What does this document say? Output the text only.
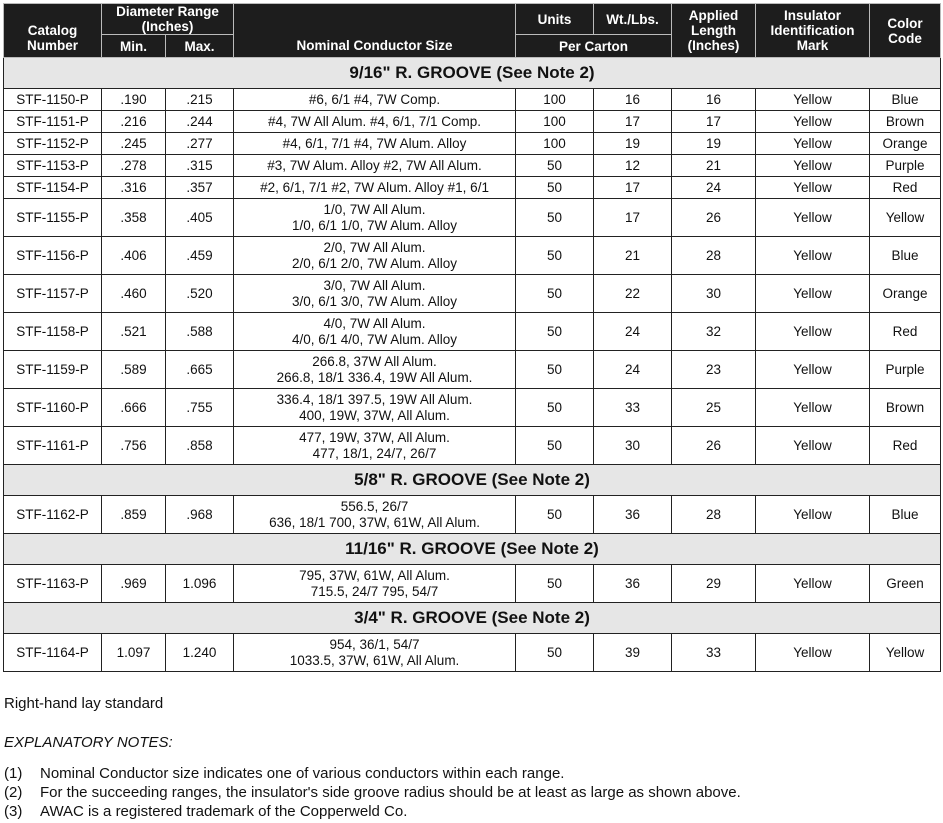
Catalog Number	Diameter Range (Inches)		Nominal Conductor Size	Units	Wt./Lbs.	Applied Length (Inches)	Insulator Identification Mark	Color Code
	Min.	Max.		Per Carton				
9/16" R. GROOVE (See Note 2)								
STF-1150-P	.190	.215	#6, 6/1 #4, 7W Comp.	100	16	16	Yellow	Blue
STF-1151-P	.216	.244	#4, 7W All Alum. #4, 6/1, 7/1 Comp.	100	17	17	Yellow	Brown
STF-1152-P	.245	.277	#4, 6/1, 7/1 #4, 7W Alum. Alloy	100	19	19	Yellow	Orange
STF-1153-P	.278	.315	#3, 7W Alum. Alloy #2, 7W All Alum.	50	12	21	Yellow	Purple
STF-1154-P	.316	.357	#2, 6/1, 7/1 #2, 7W Alum. Alloy #1, 6/1	50	17	24	Yellow	Red
STF-1155-P	.358	.405	1/0, 7W All Alum.
1/0, 6/1 1/0, 7W Alum. Alloy	50	17	26	Yellow	Yellow
STF-1156-P	.406	.459	2/0, 7W All Alum.
2/0, 6/1 2/0, 7W Alum. Alloy	50	21	28	Yellow	Blue
STF-1157-P	.460	.520	3/0, 7W All Alum.
3/0, 6/1 3/0, 7W Alum. Alloy	50	22	30	Yellow	Orange
STF-1158-P	.521	.588	4/0, 7W All Alum.
4/0, 6/1 4/0, 7W Alum. Alloy	50	24	32	Yellow	Red
STF-1159-P	.589	.665	266.8, 37W All Alum.
266.8, 18/1 336.4, 19W All Alum.	50	24	23	Yellow	Purple
STF-1160-P	.666	.755	336.4, 18/1 397.5, 19W All Alum.
400, 19W, 37W, All Alum.	50	33	25	Yellow	Brown
STF-1161-P	.756	.858	477, 19W, 37W, All Alum.
477, 18/1, 24/7, 26/7	50	30	26	Yellow	Red
5/8" R. GROOVE (See Note 2)								
STF-1162-P	.859	.968	556.5, 26/7
636, 18/1 700, 37W, 61W, All Alum.	50	36	28	Yellow	Blue
11/16" R. GROOVE (See Note 2)								
STF-1163-P	.969	1.096	795, 37W, 61W, All Alum.
715.5, 24/7 795, 54/7	50	36	29	Yellow	Green
3/4" R. GROOVE (See Note 2)								
STF-1164-P	1.097	1.240	954, 36/1, 54/7
1033.5, 37W, 61W, All Alum.	50	39	33	Yellow	Yellow
Right-hand lay standard
EXPLANATORY NOTES:
(1)	Nominal Conductor size indicates one of various conductors within each range.
(2)	For the succeeding ranges, the insulator's side groove radius should be at least as large as shown above.
(3)	AWAC is a registered trademark of the Copperweld Co.
